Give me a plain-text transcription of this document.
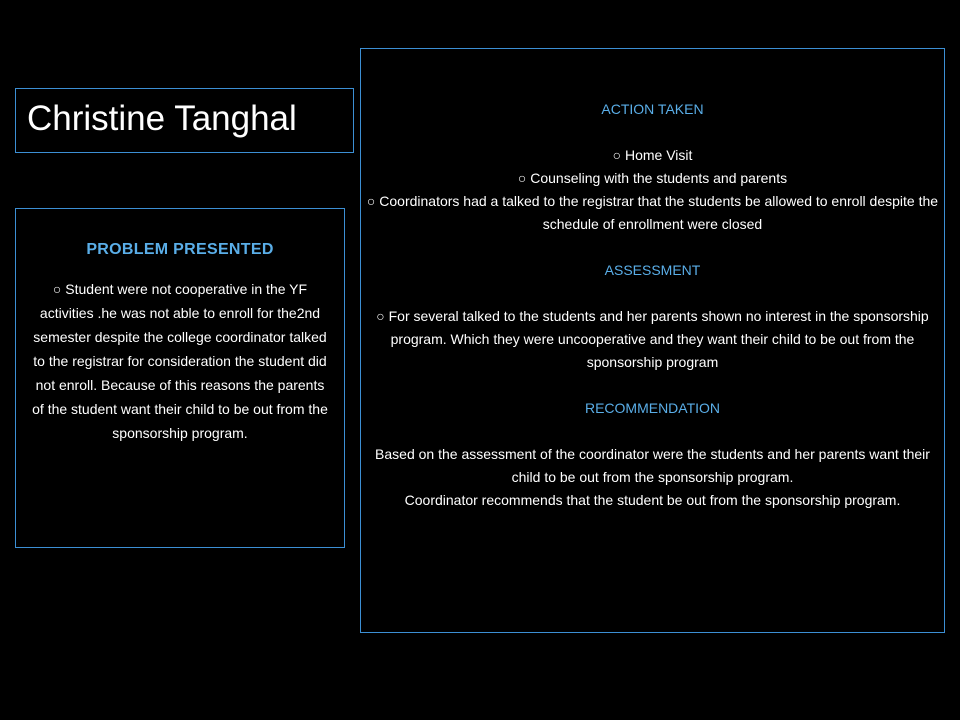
Christine Tanghal
PROBLEM PRESENTED
○ Student were not cooperative in the YF activities .he was not able to enroll for the2nd semester despite the college coordinator talked to the registrar for consideration the student did not enroll. Because of this reasons the parents of the student want their child to be out from the sponsorship program.
ACTION TAKEN
○ Home Visit
○ Counseling with the students and parents
○ Coordinators had a talked to the registrar that the students be allowed to enroll despite the schedule of enrollment were closed
ASSESSMENT
○ For several talked to the students and her parents shown no interest in the sponsorship program. Which they were uncooperative and they want their child to be out from the sponsorship program
RECOMMENDATION
Based on the assessment of the coordinator were the students and her parents want their child to be out from the sponsorship program.
Coordinator recommends that the student be out from the sponsorship program.
